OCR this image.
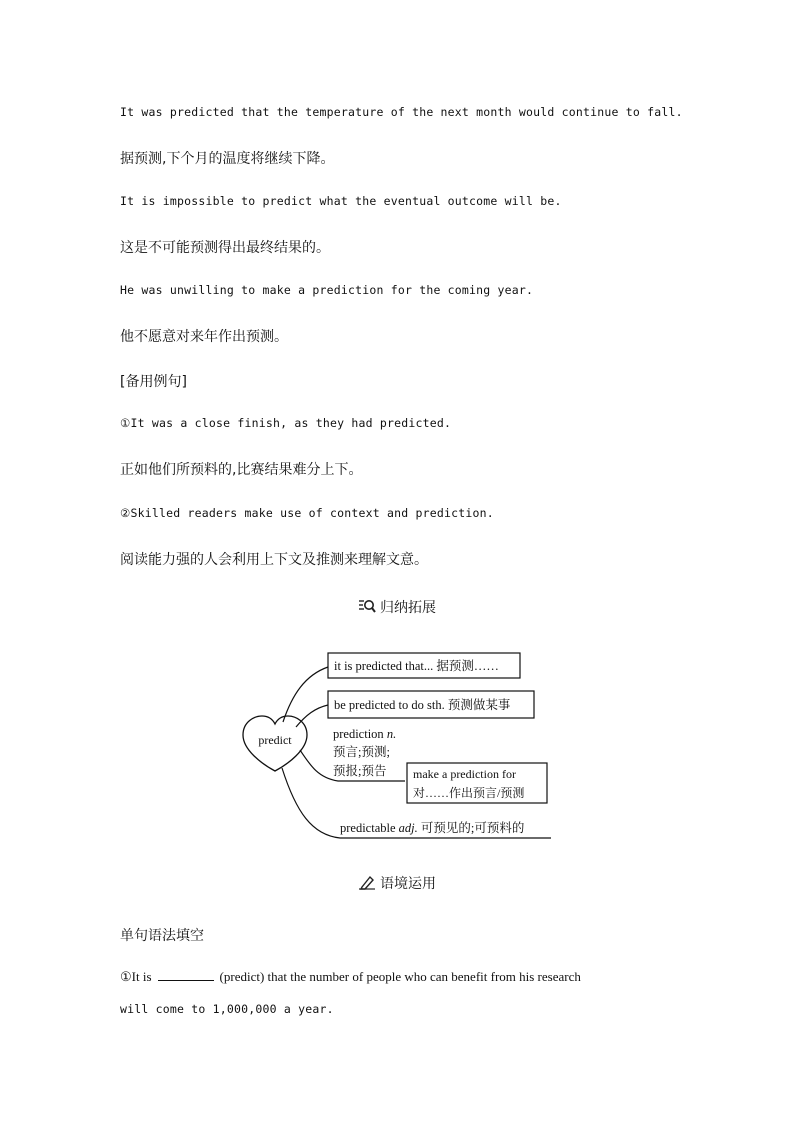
It was predicted that the temperature of the next month would continue to fall.
据预测,下个月的温度将继续下降。
It is impossible to predict what the eventual outcome will be.
这是不可能预测得出最终结果的。
He was unwilling to make a prediction for the coming year.
他不愿意对来年作出预测。
[备用例句]
①It was a close finish, as they had predicted.
正如他们所预料的,比赛结果难分上下。
②Skilled readers make use of context and prediction.
阅读能力强的人会利用上下文及推测来理解文意。
归纳拓展
predict
it is predicted that... 据预测……
be predicted to do sth. 预测做某事
prediction n.
预言;预测;
预报;预告 make a prediction for
对……作出预言/预测
predictable adj. 可预见的;可预料的
语境运用
单句语法填空
①It is	(predict) that the number of people who can benefit from his research
will come to 1,000,000 a year.
